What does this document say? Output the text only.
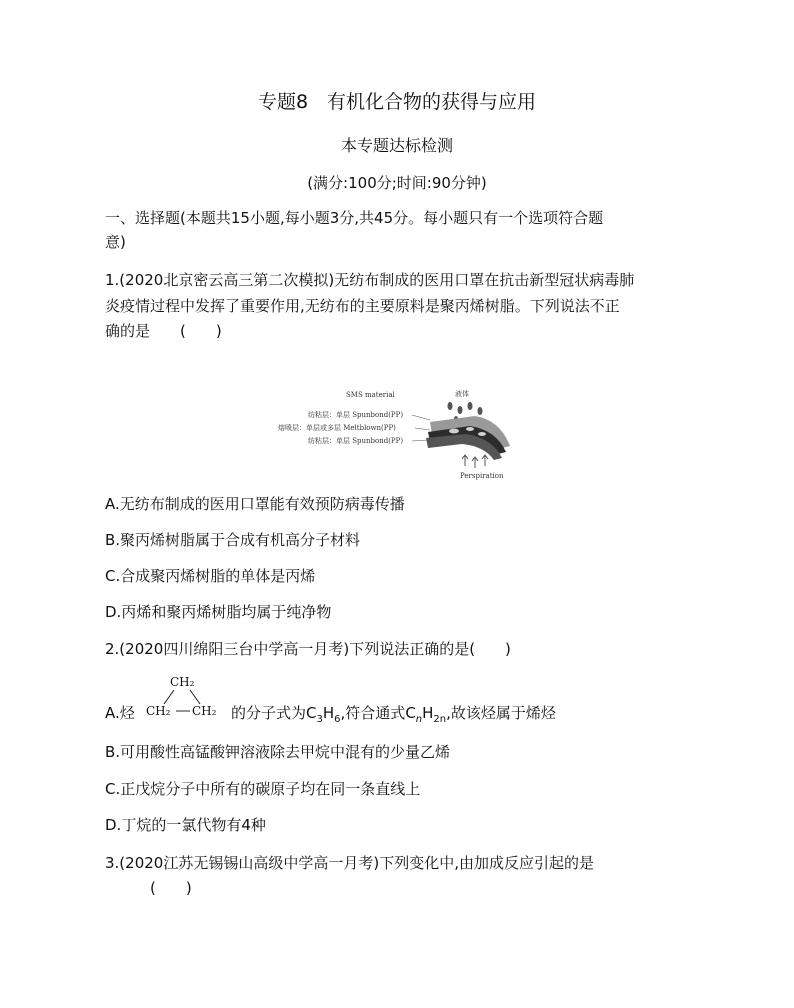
专题8　有机化合物的获得与应用
本专题达标检测
(满分:100分;时间:90分钟)
一、选择题(本题共15小题,每小题3分,共45分。每小题只有一个选项符合题
意)
1.(2020北京密云高三第二次模拟)无纺布制成的医用口罩在抗击新型冠状病毒肺
炎疫情过程中发挥了重要作用,无纺布的主要原料是聚丙烯树脂。下列说法不正
确的是　　(　　)
SMS material	液体
纺粘层：单层 Spunbond(PP)
熔喷层：单层或多层 Meltblown(PP)
纺粘层：单层 Spunbond(PP)
Perspiration
A.无纺布制成的医用口罩能有效预防病毒传播
B.聚丙烯树脂属于合成有机高分子材料
C.合成聚丙烯树脂的单体是丙烯
D.丙烯和聚丙烯树脂均属于纯净物
2.(2020四川绵阳三台中学高一月考)下列说法正确的是(　　)
A.烃
CH₂
CH₂ CH₂ 的分子式为$C_3H_6$,符合通式$C_nH_{2n}$,故该烃属于烯烃
B.可用酸性高锰酸钾溶液除去甲烷中混有的少量乙烯
C.正戊烷分子中所有的碳原子均在同一条直线上
D.丁烷的一氯代物有4种
3.(2020江苏无锡锡山高级中学高一月考)下列变化中,由加成反应引起的是
(　　)
